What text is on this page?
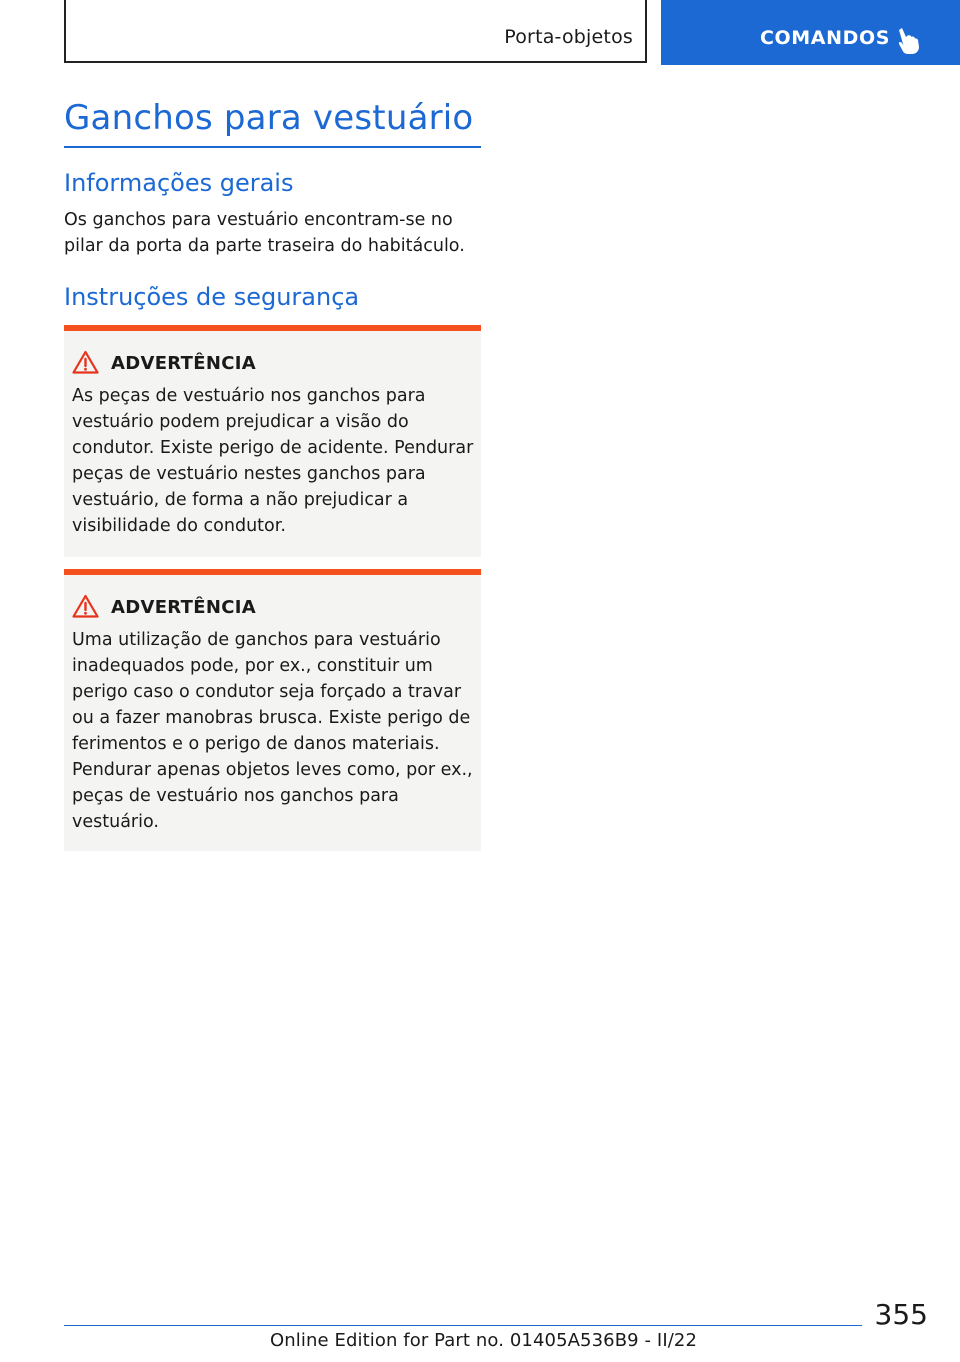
Porta-objetos	COMANDOS
Ganchos para vestuário
Informações gerais

Os ganchos para vestuário encontram-se no pilar da porta da parte traseira do habitáculo.

Instruções de segurança
ADVERTÊNCIA

As peças de vestuário nos ganchos para vestuário podem prejudicar a visão do condutor. Existe perigo de acidente. Pendurar peças de vestuário nestes ganchos para vestuário, de forma a não prejudicar a visibilidade do condutor.

ADVERTÊNCIA

Uma utilização de ganchos para vestuário inadequados pode, por ex., constituir um perigo caso o condutor seja forçado a travar ou a fazer manobras brusca. Existe perigo de ferimentos e o perigo de danos materiais. Pendurar apenas objetos leves como, por ex., peças de vestuário nos ganchos para vestuário.

355
Online Edition for Part no. 01405A536B9 - II/22
